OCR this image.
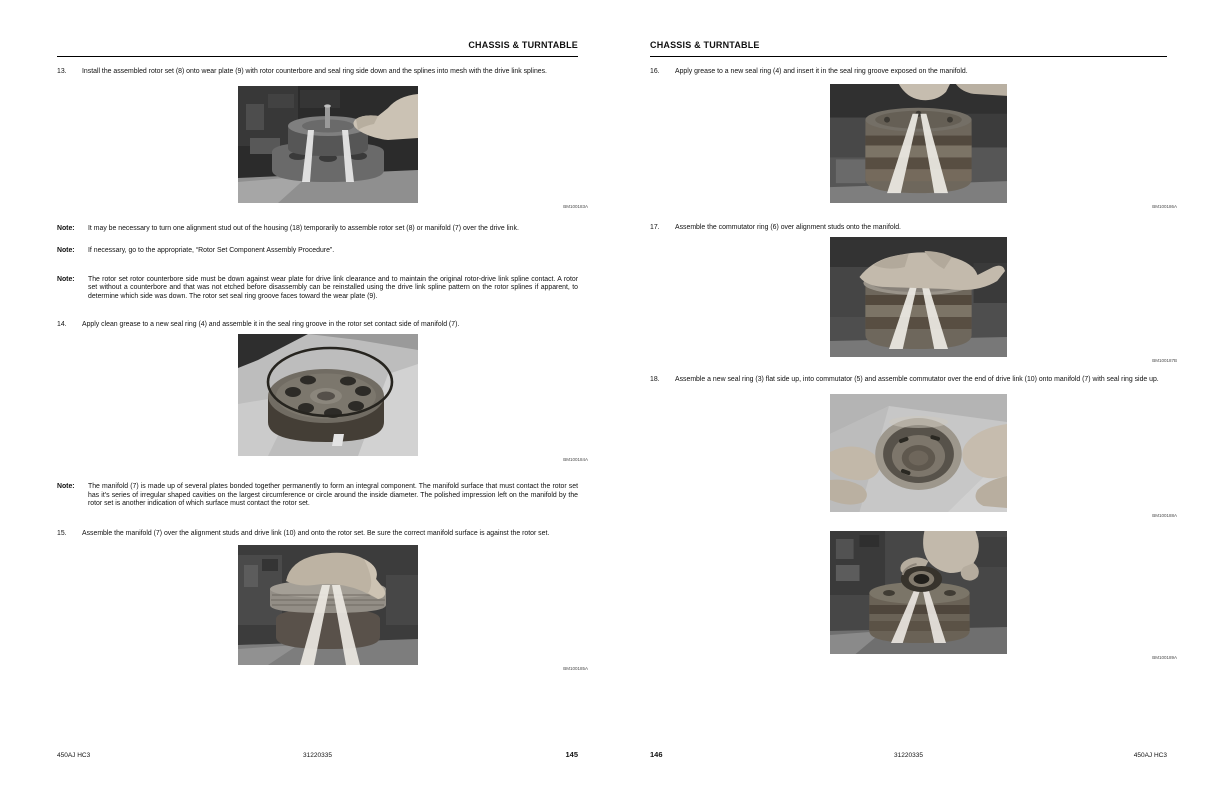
CHASSIS & TURNTABLE
13.	Install the assembled rotor set (8) onto wear plate (9) with rotor counterbore and seal ring side down and the splines into mesh with the drive link splines.
BM100183A
Note:	It may be necessary to turn one alignment stud out of the housing (18) temporarily to assemble rotor set (8) or manifold (7) over the drive link.
Note:	If necessary, go to the appropriate, “Rotor Set Component Assembly Procedure”.
Note:	The rotor set rotor counterbore side must be down against wear plate for drive link clearance and to maintain the original rotor-drive link spline contact. A rotor set without a counterbore and that was not etched before disassembly can be reinstalled using the drive link spline pattern on the rotor splines if apparent, to determine which side was down. The rotor set seal ring groove faces toward the wear plate (9).
14.	Apply clean grease to a new seal ring (4) and assemble it in the seal ring groove in the rotor set contact side of manifold (7).
BM100184A
Note:	The manifold (7) is made up of several plates bonded together permanently to form an integral component. The manifold surface that must contact the rotor set has it's series of irregular shaped cavities on the largest circumference or circle around the inside diameter. The polished impression left on the manifold by the rotor set is another indication of which surface must contact the rotor set.
15.	Assemble the manifold (7) over the alignment studs and drive link (10) and onto the rotor set. Be sure the correct manifold surface is against the rotor set.
BM100185A
CHASSIS & TURNTABLE
16.	Apply grease to a new seal ring (4) and insert it in the seal ring groove exposed on the manifold.
BM100186A
17.	Assemble the commutator ring (6) over alignment studs onto the manifold.
BM100187B
18.	Assemble a new seal ring (3) flat side up, into commutator (5) and assemble commutator over the end of drive link (10) onto manifold (7) with seal ring side up.
BM100188A
BM100189A
450AJ HC3	31220335	145	146	31220335	450AJ HC3
